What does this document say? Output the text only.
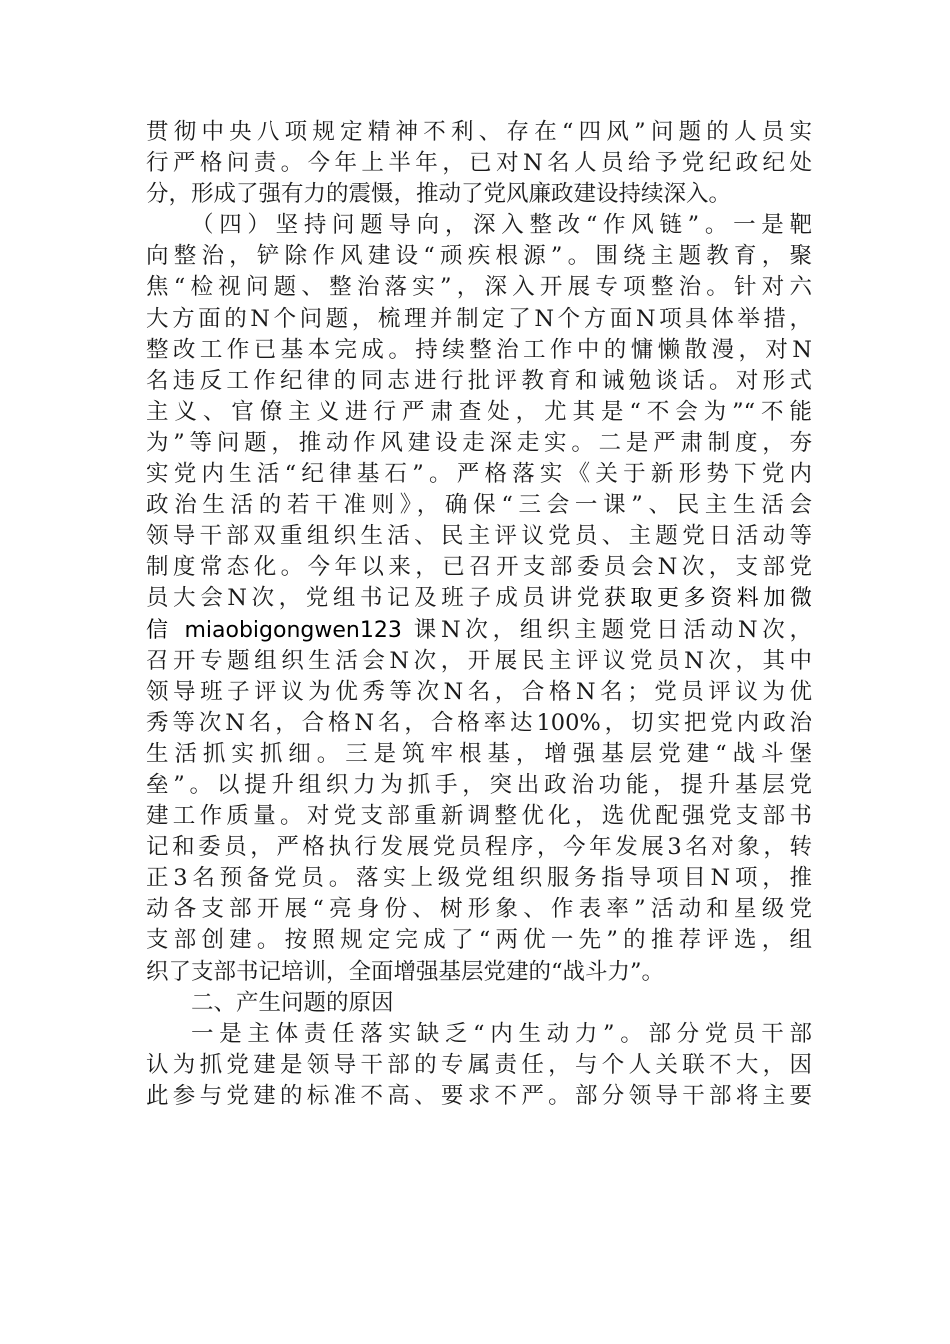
贯彻中央八项规定精神不利、存在“四风”问题的人员实
行严格问责。今年上半年，已对N名人员给予党纪政纪处
分，形成了强有力的震慑，推动了党风廉政建设持续深入。
（四）坚持问题导向，深入整改“作风链”。一是靶
向整治，铲除作风建设“顽疾根源”。围绕主题教育，聚
焦“检视问题、整治落实”，深入开展专项整治。针对六
大方面的N个问题，梳理并制定了N个方面N项具体举措，
整改工作已基本完成。持续整治工作中的慵懒散漫，对N
名违反工作纪律的同志进行批评教育和诫勉谈话。对形式
主义、官僚主义进行严肃查处，尤其是“不会为”“不能
为”等问题，推动作风建设走深走实。二是严肃制度，夯
实党内生活“纪律基石”。严格落实《关于新形势下党内
政治生活的若干准则》，确保“三会一课”、民主生活会
领导干部双重组织生活、民主评议党员、主题党日活动等
制度常态化。今年以来，已召开支部委员会N次，支部党
员大会N次，党组书记及班子成员讲党获取更多资料加微
信 miaobigongwen123 课N次，组织主题党日活动N次，
召开专题组织生活会N次，开展民主评议党员N次，其中
领导班子评议为优秀等次N名，合格N名；党员评议为优
秀等次N名，合格N名，合格率达100%，切实把党内政治
生活抓实抓细。三是筑牢根基，增强基层党建“战斗堡
垒”。以提升组织力为抓手，突出政治功能，提升基层党
建工作质量。对党支部重新调整优化，选优配强党支部书
记和委员，严格执行发展党员程序，今年发展3名对象，转
正3名预备党员。落实上级党组织服务指导项目N项，推
动各支部开展“亮身份、树形象、作表率”活动和星级党
支部创建。按照规定完成了“两优一先”的推荐评选，组
织了支部书记培训，全面增强基层党建的“战斗力”。
二、产生问题的原因
一是主体责任落实缺乏“内生动力”。部分党员干部
认为抓党建是领导干部的专属责任，与个人关联不大，因
此参与党建的标准不高、要求不严。部分领导干部将主要
